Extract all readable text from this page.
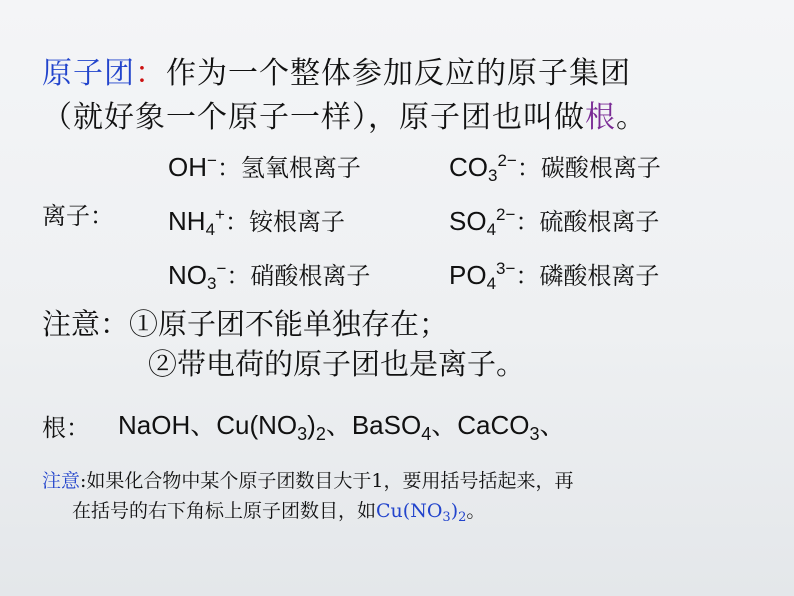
原子团：作为一个整体参加反应的原子集团
（就好象一个原子一样），原子团也叫做根。
离子：
OH−：氢氧根离子	$CO_3^{2-}$：碳酸根离子
$NH_4^+$：铵根离子	$SO_4^{2-}$：硫酸根离子
$NO_3^-$：硝酸根离子	$PO_4^{3-}$：磷酸根离子
注意：①原子团不能单独存在；
②带电荷的原子团也是离子。
根： NaOH、$Cu(NO_3)_2$、BaSO$_4$、CaCO$_3$、
注意:如果化合物中某个原子团数目大于1，要用括号括起来，再
在括号的右下角标上原子团数目，如$Cu(NO_3)_2$。
